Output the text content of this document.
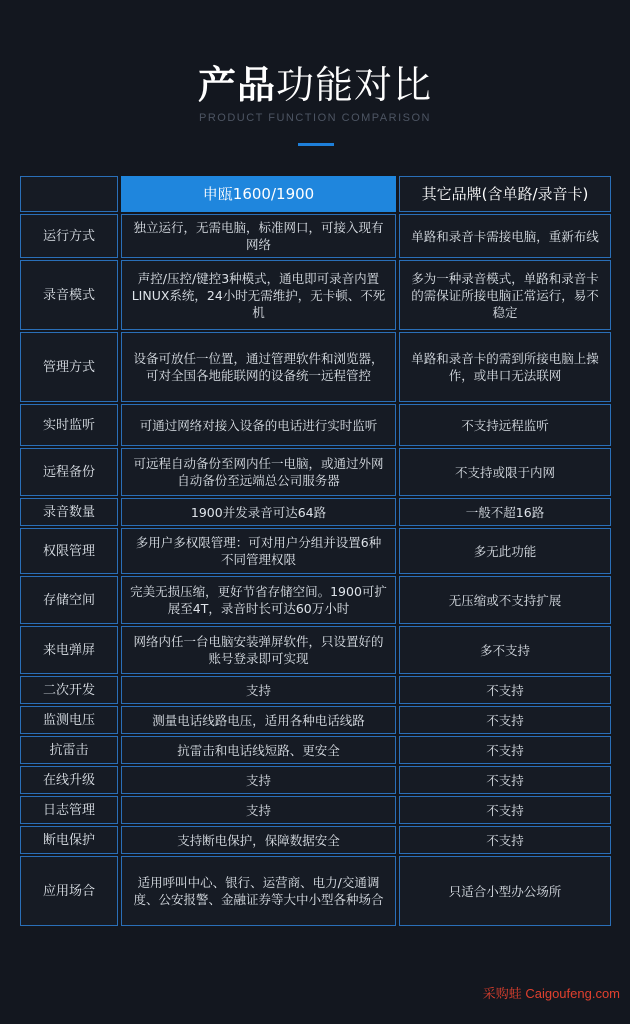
产品功能对比
PRODUCT FUNCTION COMPARISON
	申瓯1600/1900	其它品牌(含单路/录音卡)
运行方式	独立运行，无需电脑，标准网口，可接入现有网络	单路和录音卡需接电脑，重新布线
录音模式	声控/压控/键控3种模式，通电即可录音内置LINUX系统，24小时无需维护，无卡顿、不死机	多为一种录音模式，单路和录音卡的需保证所接电脑正常运行，易不稳定
管理方式	设备可放任一位置，通过管理软件和浏览器，可对全国各地能联网的设备统一远程管控	单路和录音卡的需到所接电脑上操作，或串口无法联网
实时监听	可通过网络对接入设备的电话进行实时监听	不支持远程监听
远程备份	可远程自动备份至网内任一电脑，或通过外网自动备份至远端总公司服务器	不支持或限于内网
录音数量	1900并发录音可达64路	一般不超16路
权限管理	多用户多权限管理：可对用户分组并设置6种不同管理权限	多无此功能
存储空间	完美无损压缩，更好节省存储空间。1900可扩展至4T，录音时长可达60万小时	无压缩或不支持扩展
来电弹屏	网络内任一台电脑安装弹屏软件，只设置好的账号登录即可实现	多不支持
二次开发	支持	不支持
监测电压	测量电话线路电压，适用各种电话线路	不支持
抗雷击	抗雷击和电话线短路、更安全	不支持
在线升级	支持	不支持
日志管理	支持	不支持
断电保护	支持断电保护，保障数据安全	不支持
应用场合	适用呼叫中心、银行、运营商、电力/交通调度、公安报警、金融证券等大中小型各种场合	只适合小型办公场所
采购蛙 Caigoufeng.com
